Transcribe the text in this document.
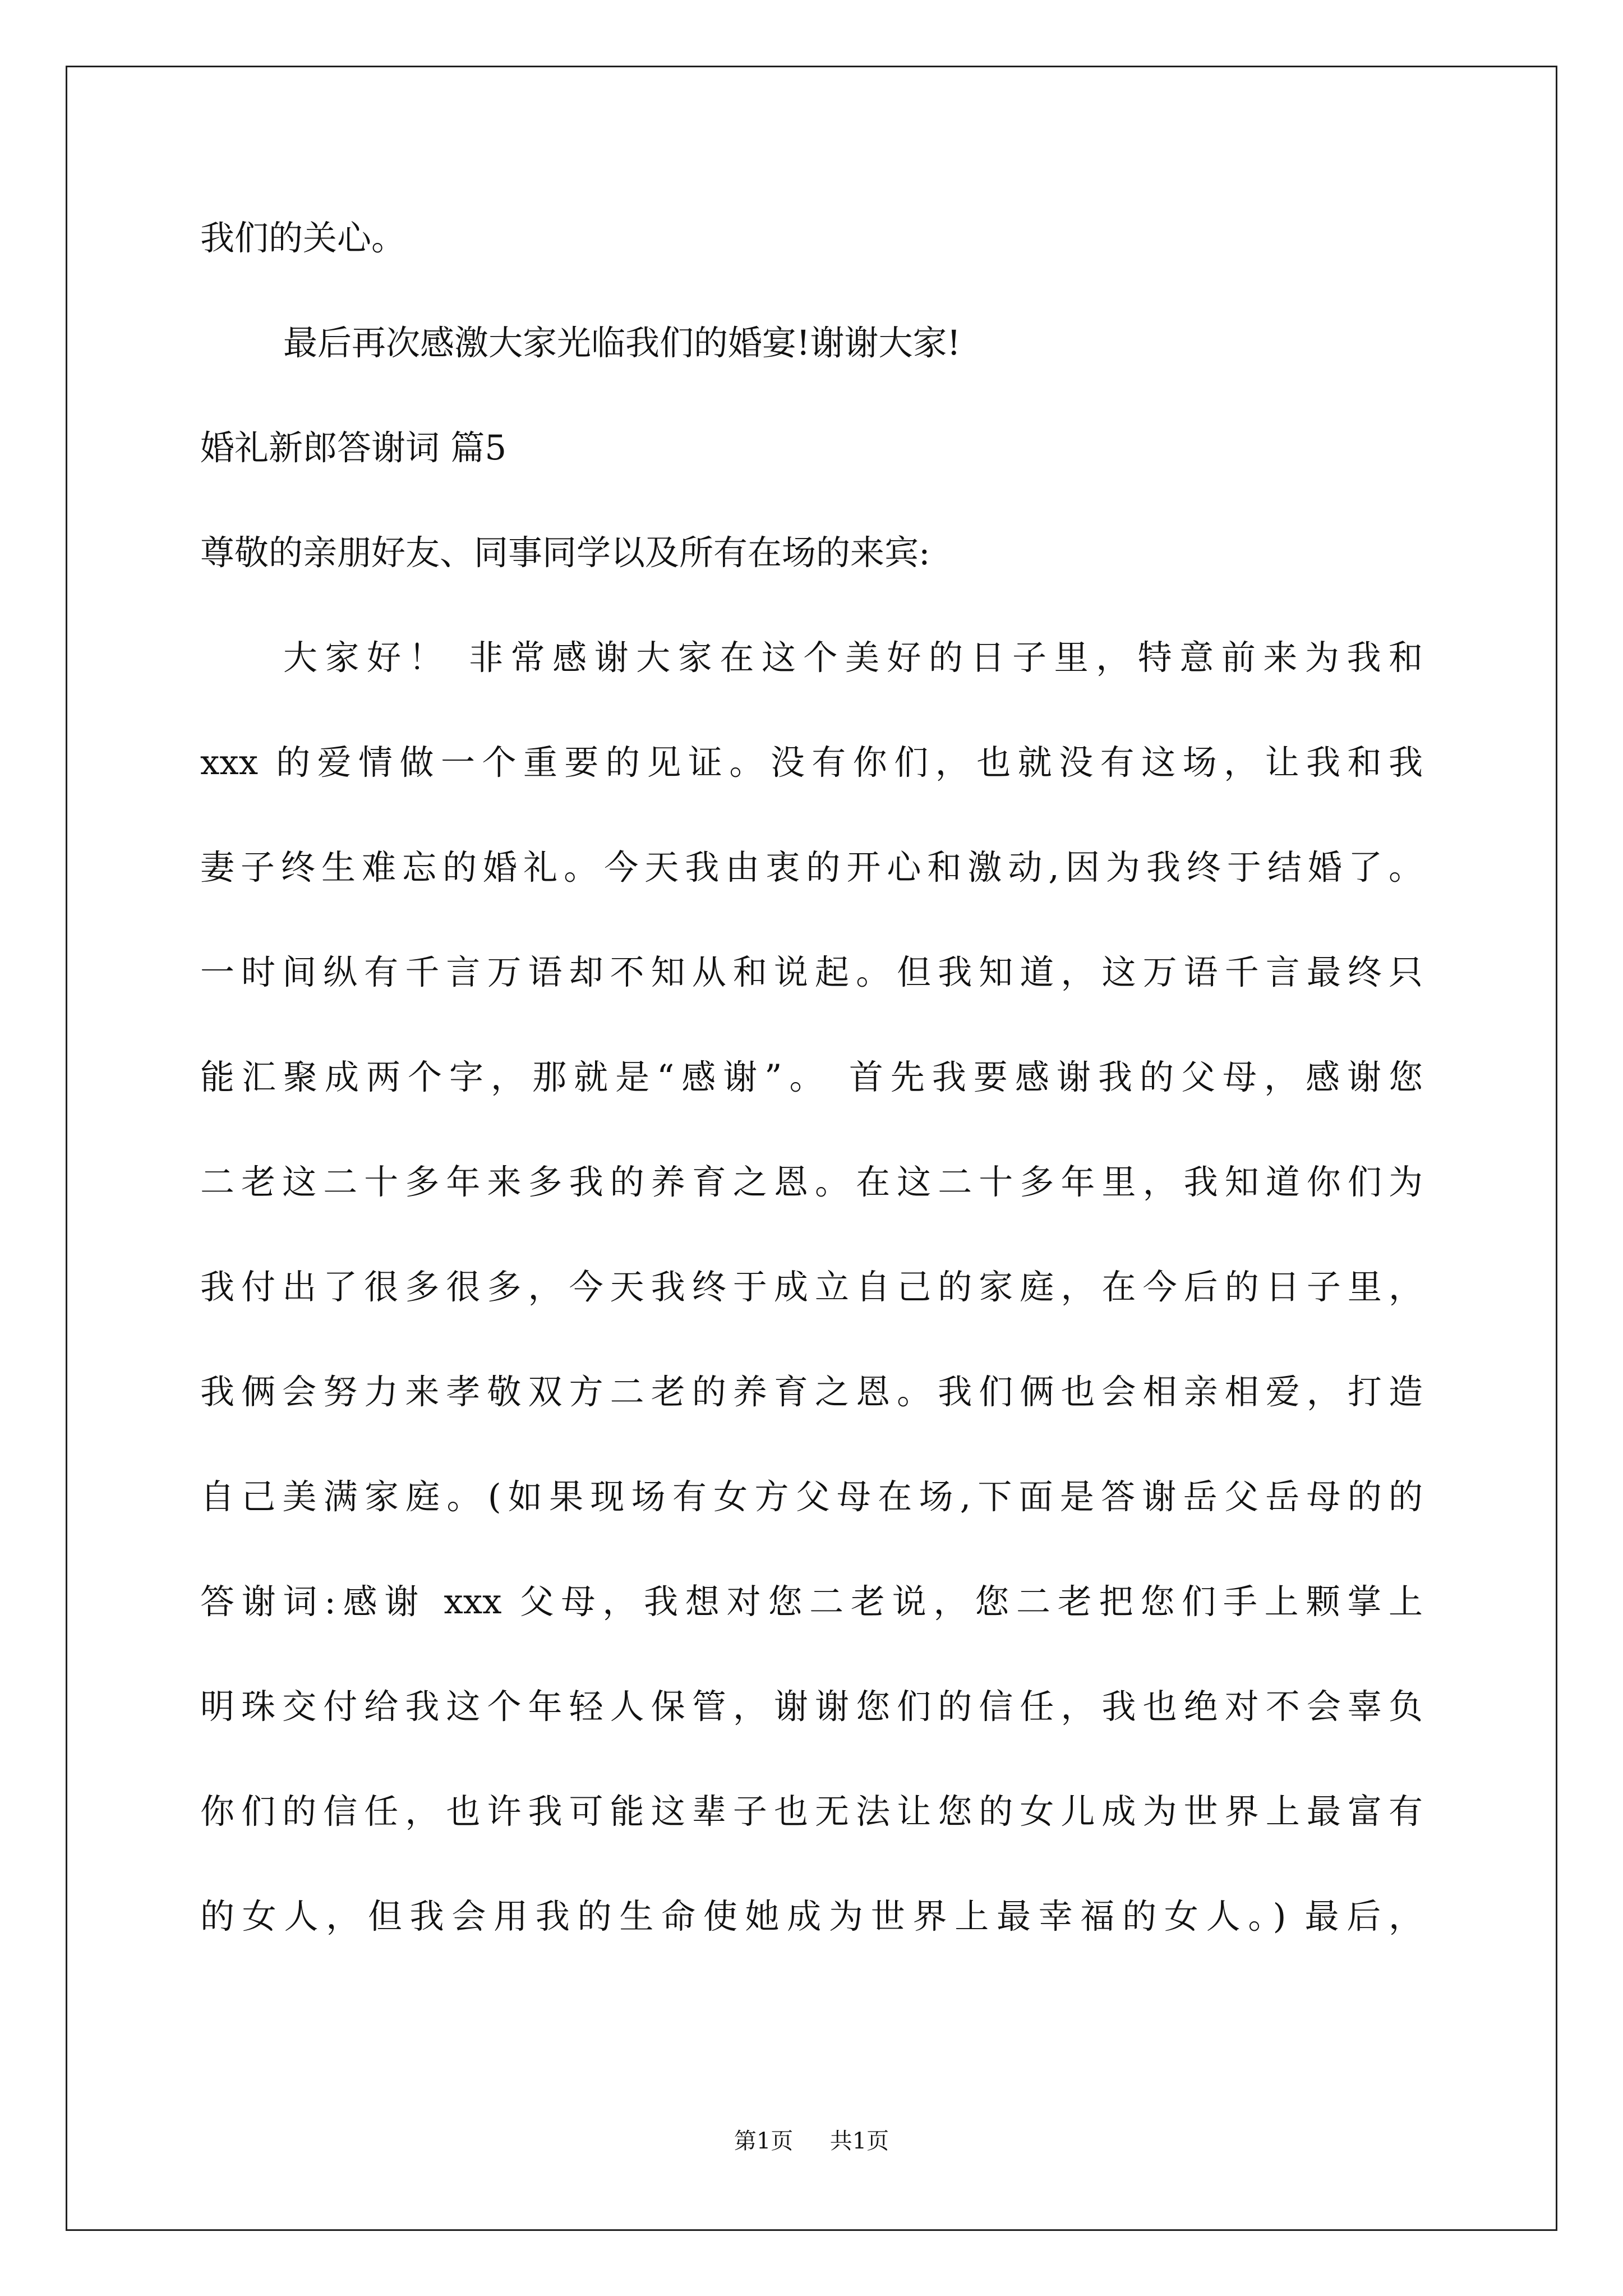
我们的关心。
最后再次感激大家光临我们的婚宴!谢谢大家!
婚礼新郎答谢词 篇5
尊敬的亲朋好友、同事同学以及所有在场的来宾:
大家好！ 非常感谢大家在这个美好的日子里，特意前来为我和
xxx 的爱情做一个重要的见证。没有你们，也就没有这场，让我和我
妻子终生难忘的婚礼。今天我由衷的开心和激动,因为我终于结婚了。
一时间纵有千言万语却不知从和说起。但我知道，这万语千言最终只
能汇聚成两个字，那就是“感谢”。 首先我要感谢我的父母，感谢您
二老这二十多年来多我的养育之恩。在这二十多年里，我知道你们为
我付出了很多很多，今天我终于成立自己的家庭，在今后的日子里，
我俩会努力来孝敬双方二老的养育之恩。我们俩也会相亲相爱，打造
自己美满家庭。(如果现场有女方父母在场,下面是答谢岳父岳母的的
答谢词:感谢 xxx 父母，我想对您二老说，您二老把您们手上颗掌上
明珠交付给我这个年轻人保管，谢谢您们的信任，我也绝对不会辜负
你们的信任，也许我可能这辈子也无法让您的女儿成为世界上最富有
的女人，但我会用我的生命使她成为世界上最幸福的女人。) 最后，
第1页 共1页
